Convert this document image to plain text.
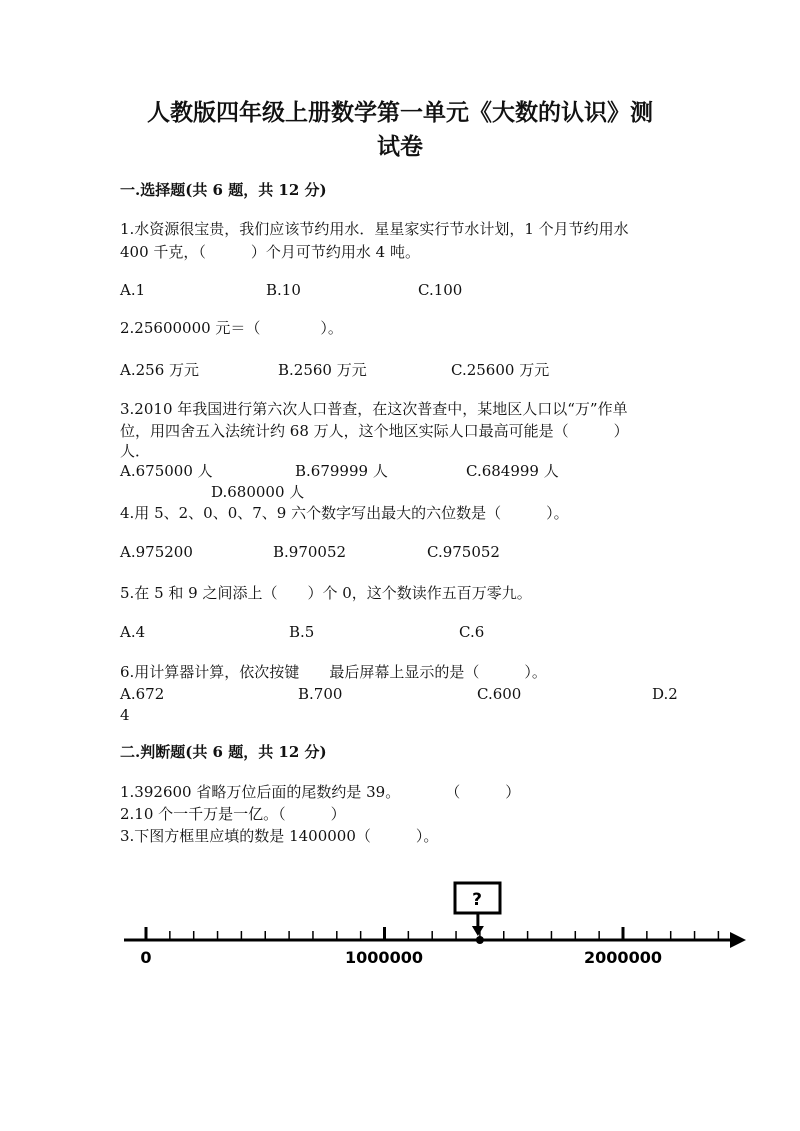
人教版四年级上册数学第一单元《大数的认识》测
试卷
一.选择题(共 6 题，共 12 分)
1.水资源很宝贵，我们应该节约用水．星星家实行节水计划，1 个月节约用水
400 千克，（　　　）个月可节约用水 4 吨。
A.1	B.10	C.100
2.25600000 元＝（　　　　）。
A.256 万元	B.2560 万元	C.25600 万元
3.2010 年我国进行第六次人口普查，在这次普查中，某地区人口以“万”作单
位，用四舍五入法统计约 68 万人，这个地区实际人口最高可能是（　　　）
人．
A.675000 人	B.679999 人	C.684999 人
D.680000 人
4.用 5、2、0、0、7、9 六个数字写出最大的六位数是（　　　）。
A.975200	B.970052	C.975052
5.在 5 和 9 之间添上（　　）个 0，这个数读作五百万零九。
A.4	B.5	C.6
6.用计算器计算，依次按键　　最后屏幕上显示的是（　　　）。
A.672	B.700	C.600	D.2
4
二.判断题(共 6 题，共 12 分)
1.392600 省略万位后面的尾数约是 39。　　　　（　　　）
2.10 个一千万是一亿。（　　　）
3.下图方框里应填的数是 1400000（　　　）。
?
0	1000000	2000000
